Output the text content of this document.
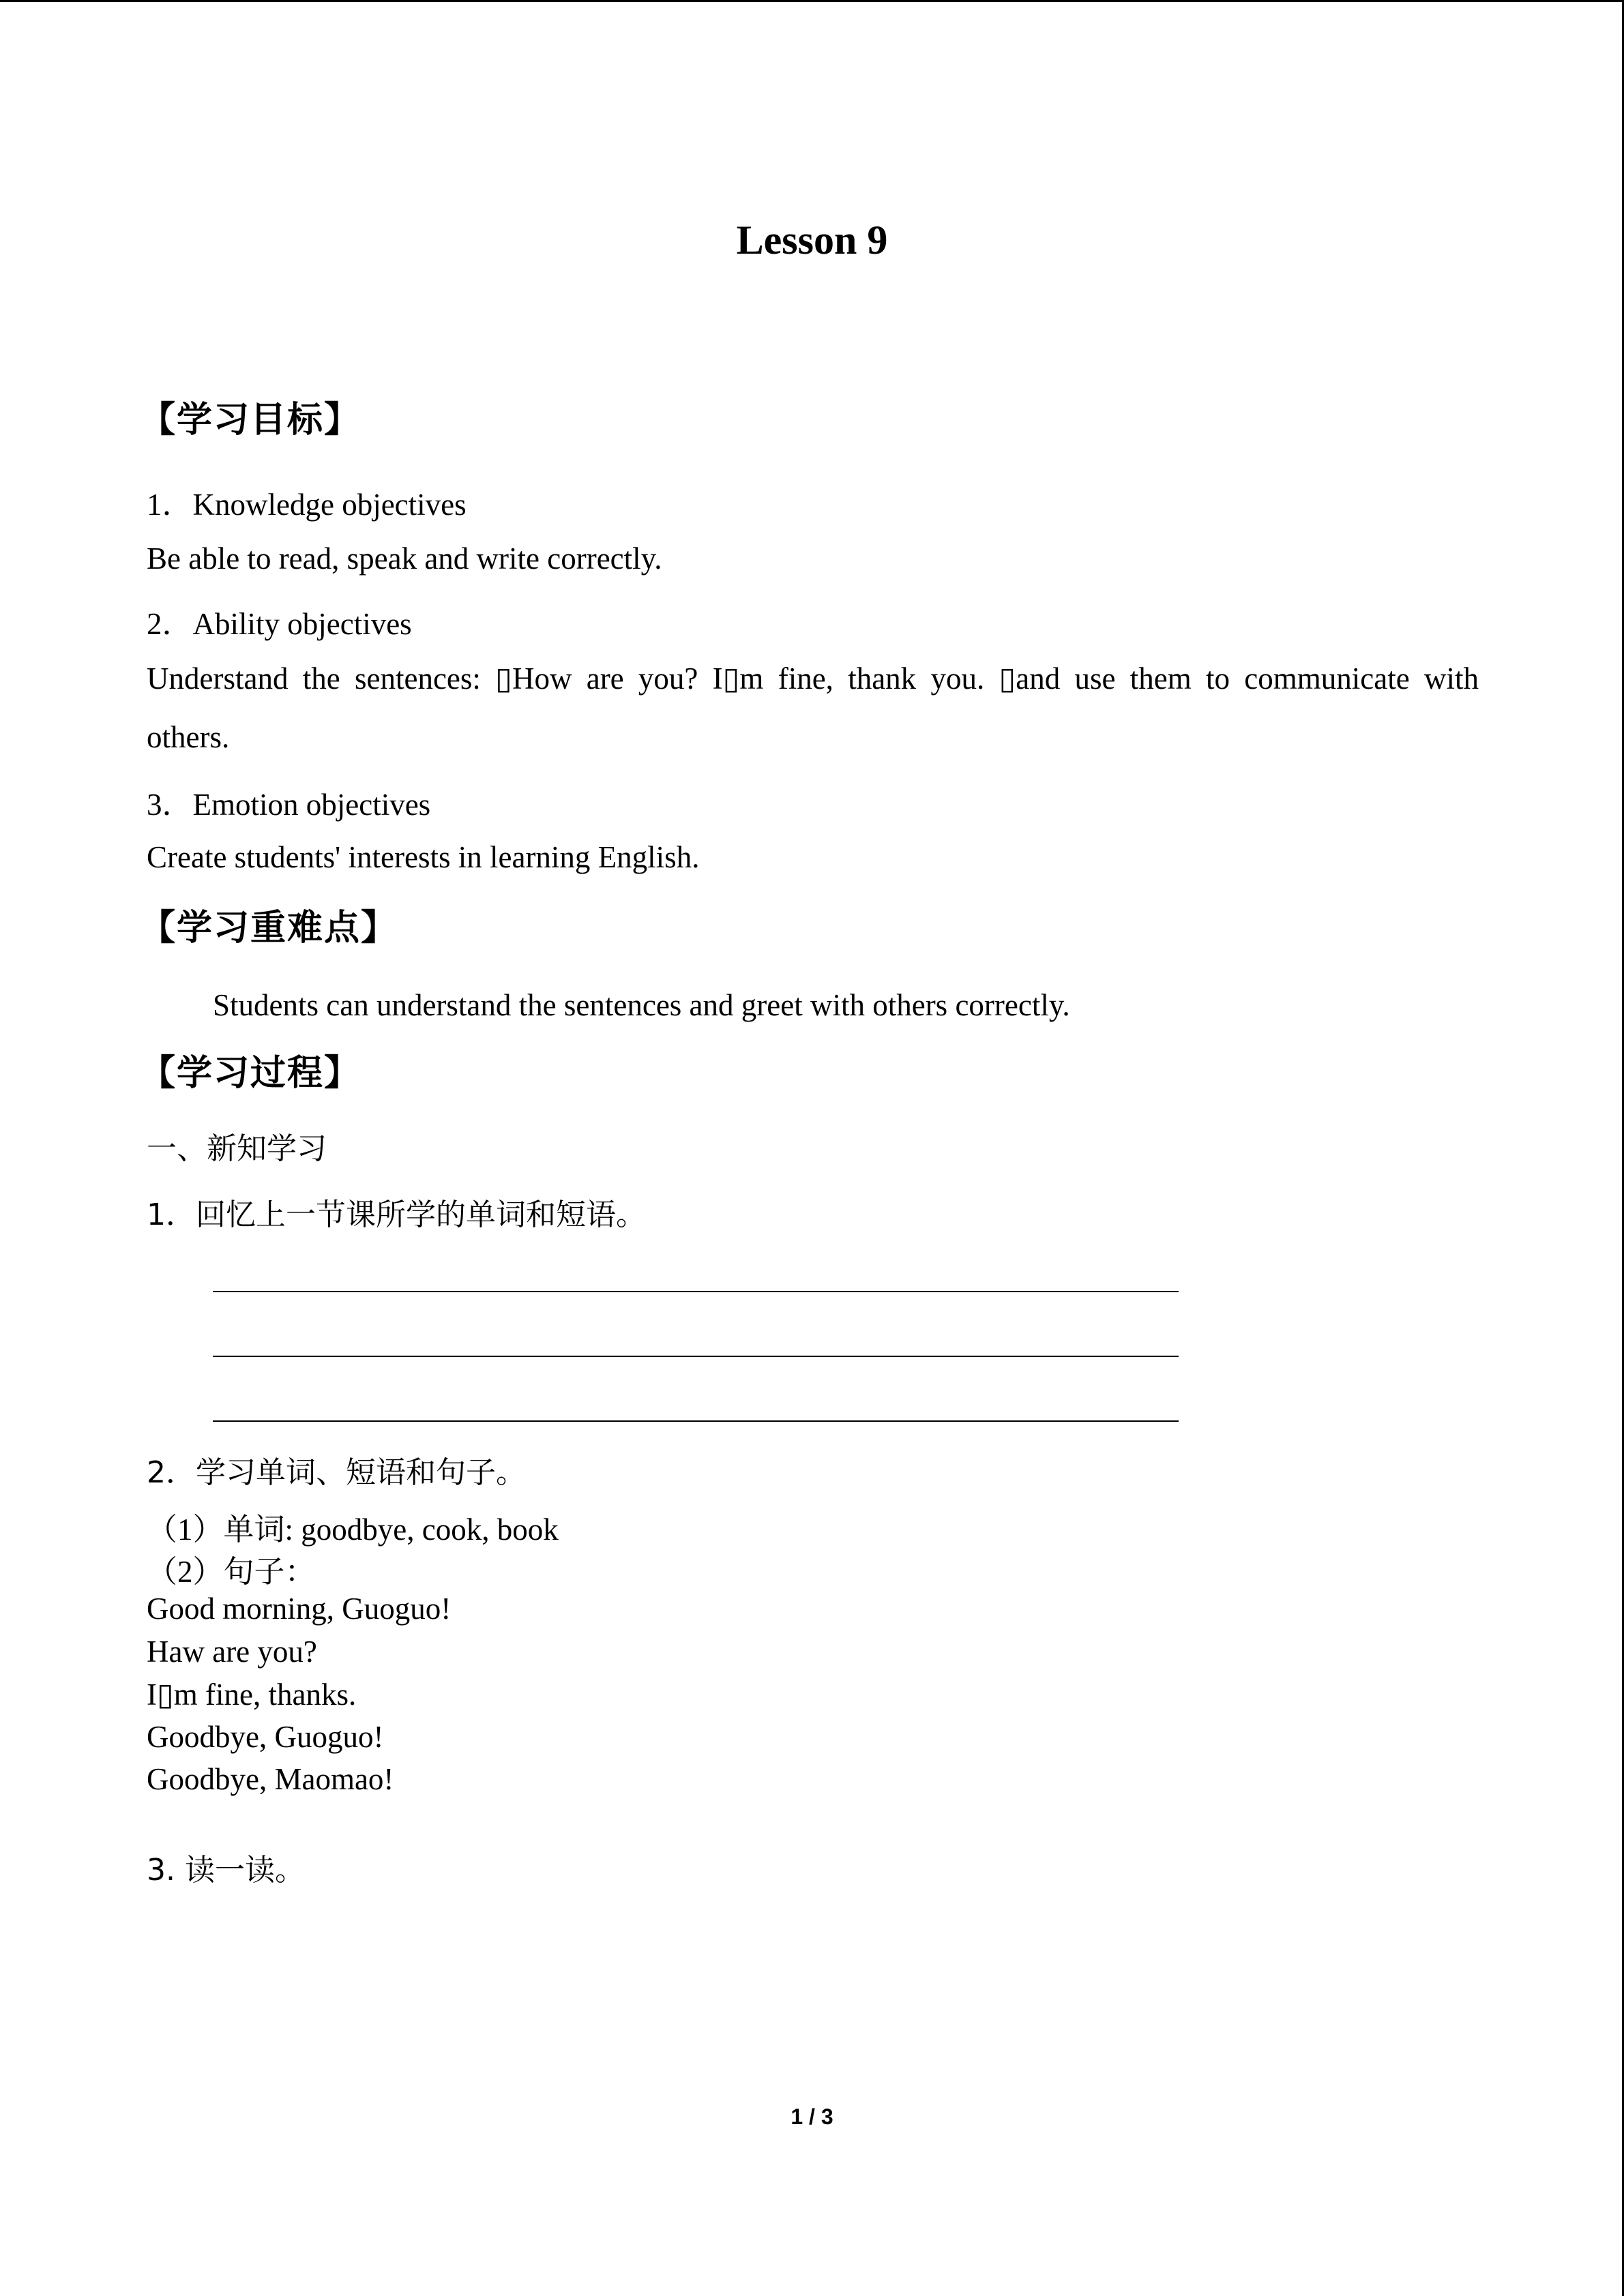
Lesson 9
【学习目标】
1．Knowledge objectives
Be able to read, speak and write correctly.
2．Ability objectives
Understand the sentences: ▯How are you? I▯m fine, thank you. ▯and use them to communicate with
others.
3．Emotion objectives
Create students' interests in learning English.
【学习重难点】
Students can understand the sentences and greet with others correctly.
【学习过程】
一、新知学习
1．回忆上一节课所学的单词和短语。
2．学习单词、短语和句子。
（1）单词: goodbye, cook, book
（2）句子：
Good morning, Guoguo!
Haw are you?
I▯m fine, thanks.
Goodbye, Guoguo!
Goodbye, Maomao!
3. 读一读。
1 / 3
